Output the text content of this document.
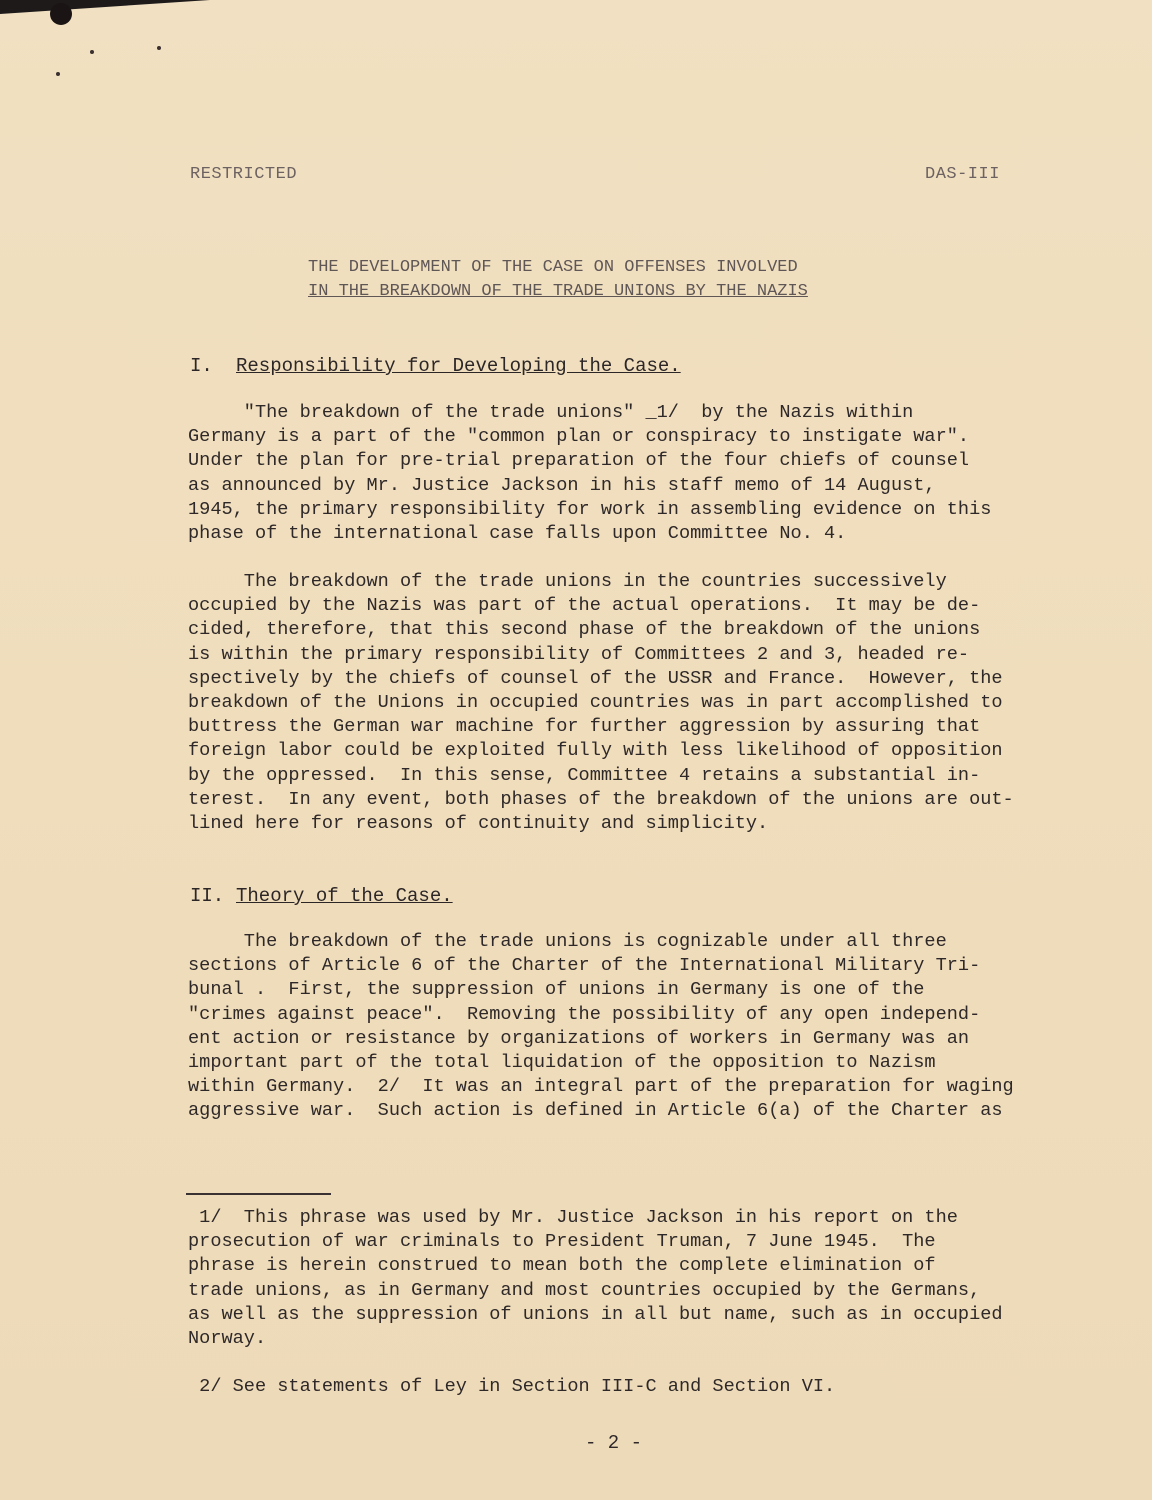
RESTRICTED	DAS-III
THE DEVELOPMENT OF THE CASE ON OFFENSES INVOLVED
IN THE BREAKDOWN OF THE TRADE UNIONS BY THE NAZIS
I. Responsibility for Developing the Case.
"The breakdown of the trade unions" _1/  by the Nazis within
Germany is a part of the "common plan or conspiracy to instigate war".
Under the plan for pre-trial preparation of the four chiefs of counsel
as announced by Mr. Justice Jackson in his staff memo of 14 August,
1945, the primary responsibility for work in assembling evidence on this
phase of the international case falls upon Committee No. 4.
The breakdown of the trade unions in the countries successively
occupied by the Nazis was part of the actual operations.  It may be de-
cided, therefore, that this second phase of the breakdown of the unions
is within the primary responsibility of Committees 2 and 3, headed re-
spectively by the chiefs of counsel of the USSR and France.  However, the
breakdown of the Unions in occupied countries was in part accomplished to
buttress the German war machine for further aggression by assuring that
foreign labor could be exploited fully with less likelihood of opposition
by the oppressed.  In this sense, Committee 4 retains a substantial in-
terest.  In any event, both phases of the breakdown of the unions are out-
lined here for reasons of continuity and simplicity.
II. Theory of the Case.
The breakdown of the trade unions is cognizable under all three
sections of Article 6 of the Charter of the International Military Tri-
bunal .  First, the suppression of unions in Germany is one of the
"crimes against peace".  Removing the possibility of any open independ-
ent action or resistance by organizations of workers in Germany was an
important part of the total liquidation of the opposition to Nazism
within Germany.  2/  It was an integral part of the preparation for waging
aggressive war.  Such action is defined in Article 6(a) of the Charter as
1/  This phrase was used by Mr. Justice Jackson in his report on the
prosecution of war criminals to President Truman, 7 June 1945.  The
phrase is herein construed to mean both the complete elimination of
trade unions, as in Germany and most countries occupied by the Germans,
as well as the suppression of unions in all but name, such as in occupied
Norway.
2/ See statements of Ley in Section III-C and Section VI.
- 2 -
